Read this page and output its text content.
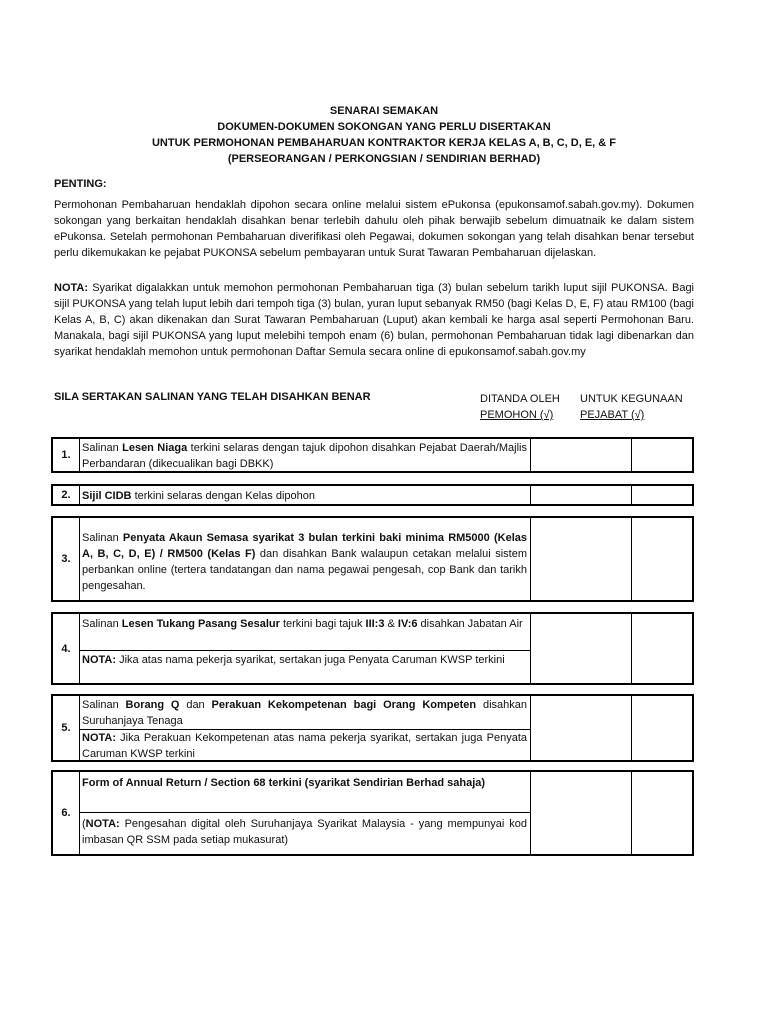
SENARAI SEMAKAN
DOKUMEN-DOKUMEN SOKONGAN YANG PERLU DISERTAKAN
UNTUK PERMOHONAN PEMBAHARUAN KONTRAKTOR KERJA KELAS A, B, C, D, E, & F
(PERSEORANGAN / PERKONGSIAN / SENDIRIAN BERHAD)
PENTING:
Permohonan Pembaharuan hendaklah dipohon secara online melalui sistem ePukonsa (epukonsamof.sabah.gov.my). Dokumen sokongan yang berkaitan hendaklah disahkan benar terlebih dahulu oleh pihak berwajib sebelum dimuatnaik ke dalam sistem ePukonsa. Setelah permohonan Pembaharuan diverifikasi oleh Pegawai, dokumen sokongan yang telah disahkan benar tersebut perlu dikemukakan ke pejabat PUKONSA sebelum pembayaran untuk Surat Tawaran Pembaharuan dijelaskan.
NOTA: Syarikat digalakkan untuk memohon permohonan Pembaharuan tiga (3) bulan sebelum tarikh luput sijil PUKONSA. Bagi sijil PUKONSA yang telah luput lebih dari tempoh tiga (3) bulan, yuran luput sebanyak RM50 (bagi Kelas D, E, F) atau RM100 (bagi Kelas A, B, C) akan dikenakan dan Surat Tawaran Pembaharuan (Luput) akan kembali ke harga asal seperti Permohonan Baru. Manakala, bagi sijil PUKONSA yang luput melebihi tempoh enam (6) bulan, permohonan Pembaharuan tidak lagi dibenarkan dan syarikat hendaklah memohon untuk permohonan Daftar Semula secara online di epukonsamof.sabah.gov.my
SILA SERTAKAN SALINAN YANG TELAH DISAHKAN BENAR	DITANDA OLEH
PEMOHON (√)
UNTUK KEGUNAAN
PEJABAT (√)
1.
Salinan Lesen Niaga terkini selaras dengan tajuk dipohon disahkan Pejabat Daerah/Majlis Perbandaran (dikecualikan bagi DBKK)
2.	Sijil CIDB terkini selaras dengan Kelas dipohon
3.
Salinan Penyata Akaun Semasa syarikat 3 bulan terkini baki minima RM5000 (Kelas A, B, C, D, E) / RM500 (Kelas F) dan disahkan Bank walaupun cetakan melalui sistem perbankan online (tertera tandatangan dan nama pegawai pengesah, cop Bank dan tarikh pengesahan.
4.
Salinan Lesen Tukang Pasang Sesalur terkini bagi tajuk III:3 & IV:6 disahkan Jabatan Air
NOTA: Jika atas nama pekerja syarikat, sertakan juga Penyata Caruman KWSP terkini
5.
Salinan Borang Q dan Perakuan Kekompetenan bagi Orang Kompeten disahkan Suruhanjaya Tenaga
NOTA: Jika Perakuan Kekompetenan atas nama pekerja syarikat, sertakan juga Penyata Caruman KWSP terkini
6.
Form of Annual Return / Section 68 terkini (syarikat Sendirian Berhad sahaja)
(NOTA: Pengesahan digital oleh Suruhanjaya Syarikat Malaysia - yang mempunyai kod imbasan QR SSM pada setiap mukasurat)
